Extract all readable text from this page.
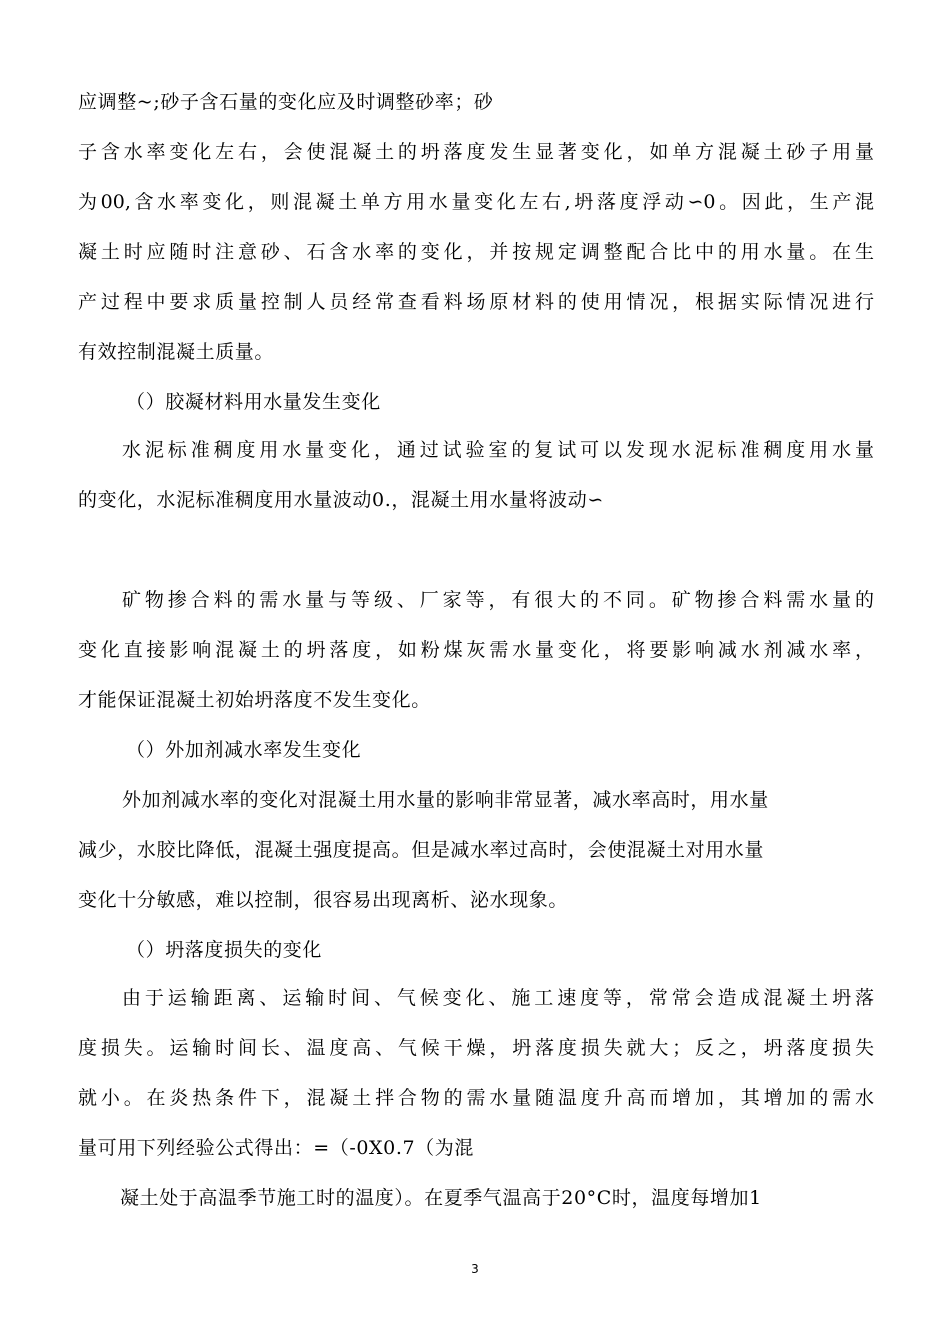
应调整~;砂子含石量的变化应及时调整砂率；砂
子含水率变化左右，会使混凝土的坍落度发生显著变化，如单方混凝土砂子用量
为00,含水率变化，则混凝土单方用水量变化左右,坍落度浮动∽0。因此，生产混
凝土时应随时注意砂、石含水率的变化，并按规定调整配合比中的用水量。在生
产过程中要求质量控制人员经常查看料场原材料的使用情况，根据实际情况进行
有效控制混凝土质量。
（）胶凝材料用水量发生变化
水泥标准稠度用水量变化，通过试验室的复试可以发现水泥标准稠度用水量
的变化，水泥标准稠度用水量波动0.，混凝土用水量将波动∽
矿物掺合料的需水量与等级、厂家等，有很大的不同。矿物掺合料需水量的
变化直接影响混凝土的坍落度，如粉煤灰需水量变化，将要影响减水剂减水率，
才能保证混凝土初始坍落度不发生变化。
（）外加剂减水率发生变化
外加剂减水率的变化对混凝土用水量的影响非常显著，减水率高时，用水量
减少，水胶比降低，混凝土强度提高。但是减水率过高时，会使混凝土对用水量
变化十分敏感，难以控制，很容易出现离析、泌水现象。
（）坍落度损失的变化
由于运输距离、运输时间、气候变化、施工速度等，常常会造成混凝土坍落
度损失。运输时间长、温度高、气候干燥，坍落度损失就大；反之，坍落度损失
就小。在炎热条件下，混凝土拌合物的需水量随温度升高而增加，其增加的需水
量可用下列经验公式得出：=（-0X0.7（为混
凝土处于高温季节施工时的温度）。在夏季气温高于20°C时，温度每增加1
3
